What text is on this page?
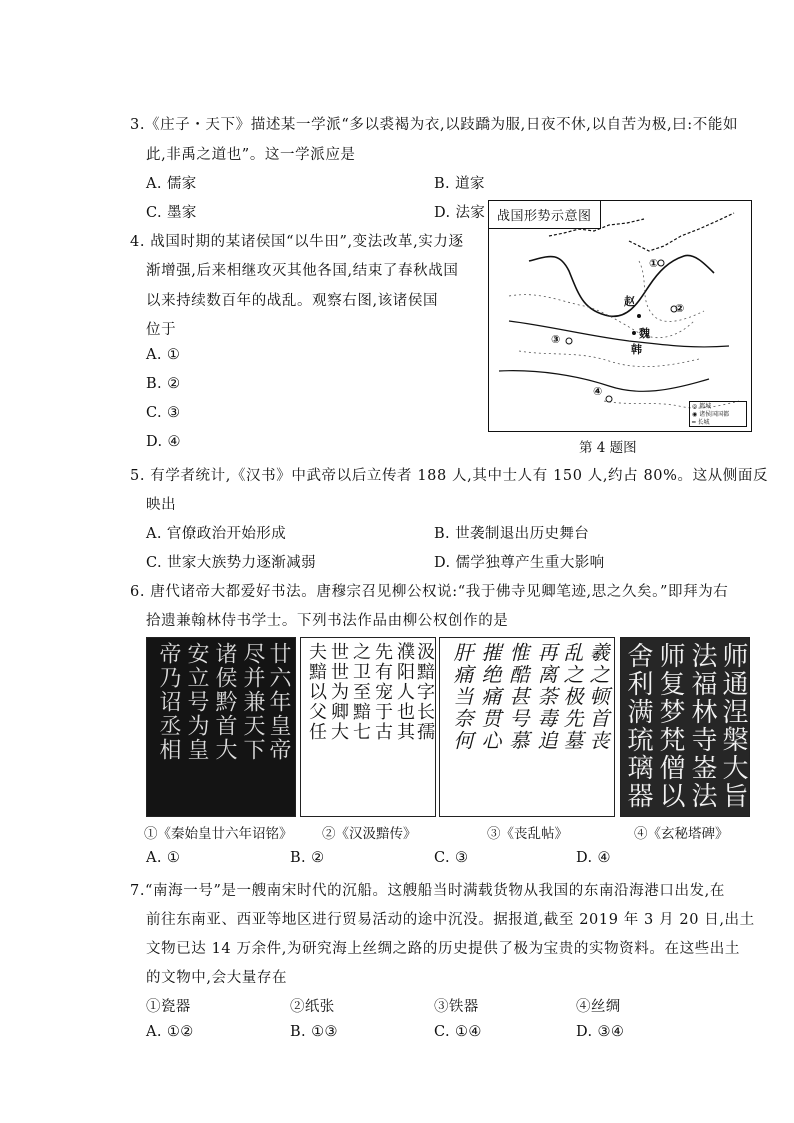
3.《庄子・天下》描述某一学派“多以裘褐为衣,以跂蹻为服,日夜不休,以自苦为极,曰:不能如
此,非禹之道也”。这一学派应是
A. 儒家	B. 道家
C. 墨家	D. 法家
4. 战国时期的某诸侯国“以牛田”,变法改革,实力逐
渐增强,后来相继攻灭其他各国,结束了春秋战国
以来持续数百年的战乱。观察右图,该诸侯国
位于
A. ①
B. ②
C. ③
D. ④
战国形势示意图
①
②
③
④
赵
魏
韩
◎ 都城
◉ 诸侯国国都
━ 长城
第 4 题图
5. 有学者统计,《汉书》中武帝以后立传者 188 人,其中士人有 150 人,约占 80%。这从侧面反
映出
A. 官僚政治开始形成	B. 世袭制退出历史舞台
C. 世家大族势力逐渐减弱	D. 儒学独尊产生重大影响
6. 唐代诸帝大都爱好书法。唐穆宗召见柳公权说:“我于佛寺见卿笔迹,思之久矣。”即拜为右
拾遗兼翰林侍书学士。下列书法作品由柳公权创作的是
帝乃诏丞相 安立号为皇 诸侯黔首大 尽并兼天下 廿六年皇帝 夫黯以父任 世世为卿大 之卫至黯七 先有宠于古 濮阳人也其 汲黯字长孺 肝痛当奈何 摧绝痛贯心 惟酷甚号慕 再离荼毒追 乱之极先墓 羲之顿首丧 舍利满琉璃器 师复梦梵僧以 法福林寺崟法 师通涅槃大旨
①《秦始皇廿六年诏铭》 ②《汉汲黯传》	③《丧乱帖》	④《玄秘塔碑》
A. ①	B. ②	C. ③	D. ④
7.“南海一号”是一艘南宋时代的沉船。这艘船当时满载货物从我国的东南沿海港口出发,在
前往东南亚、西亚等地区进行贸易活动的途中沉没。据报道,截至 2019 年 3 月 20 日,出土
文物已达 14 万余件,为研究海上丝绸之路的历史提供了极为宝贵的实物资料。在这些出土
的文物中,会大量存在
①瓷器	②纸张	③铁器	④丝绸
A. ①②	B. ①③	C. ①④	D. ③④
